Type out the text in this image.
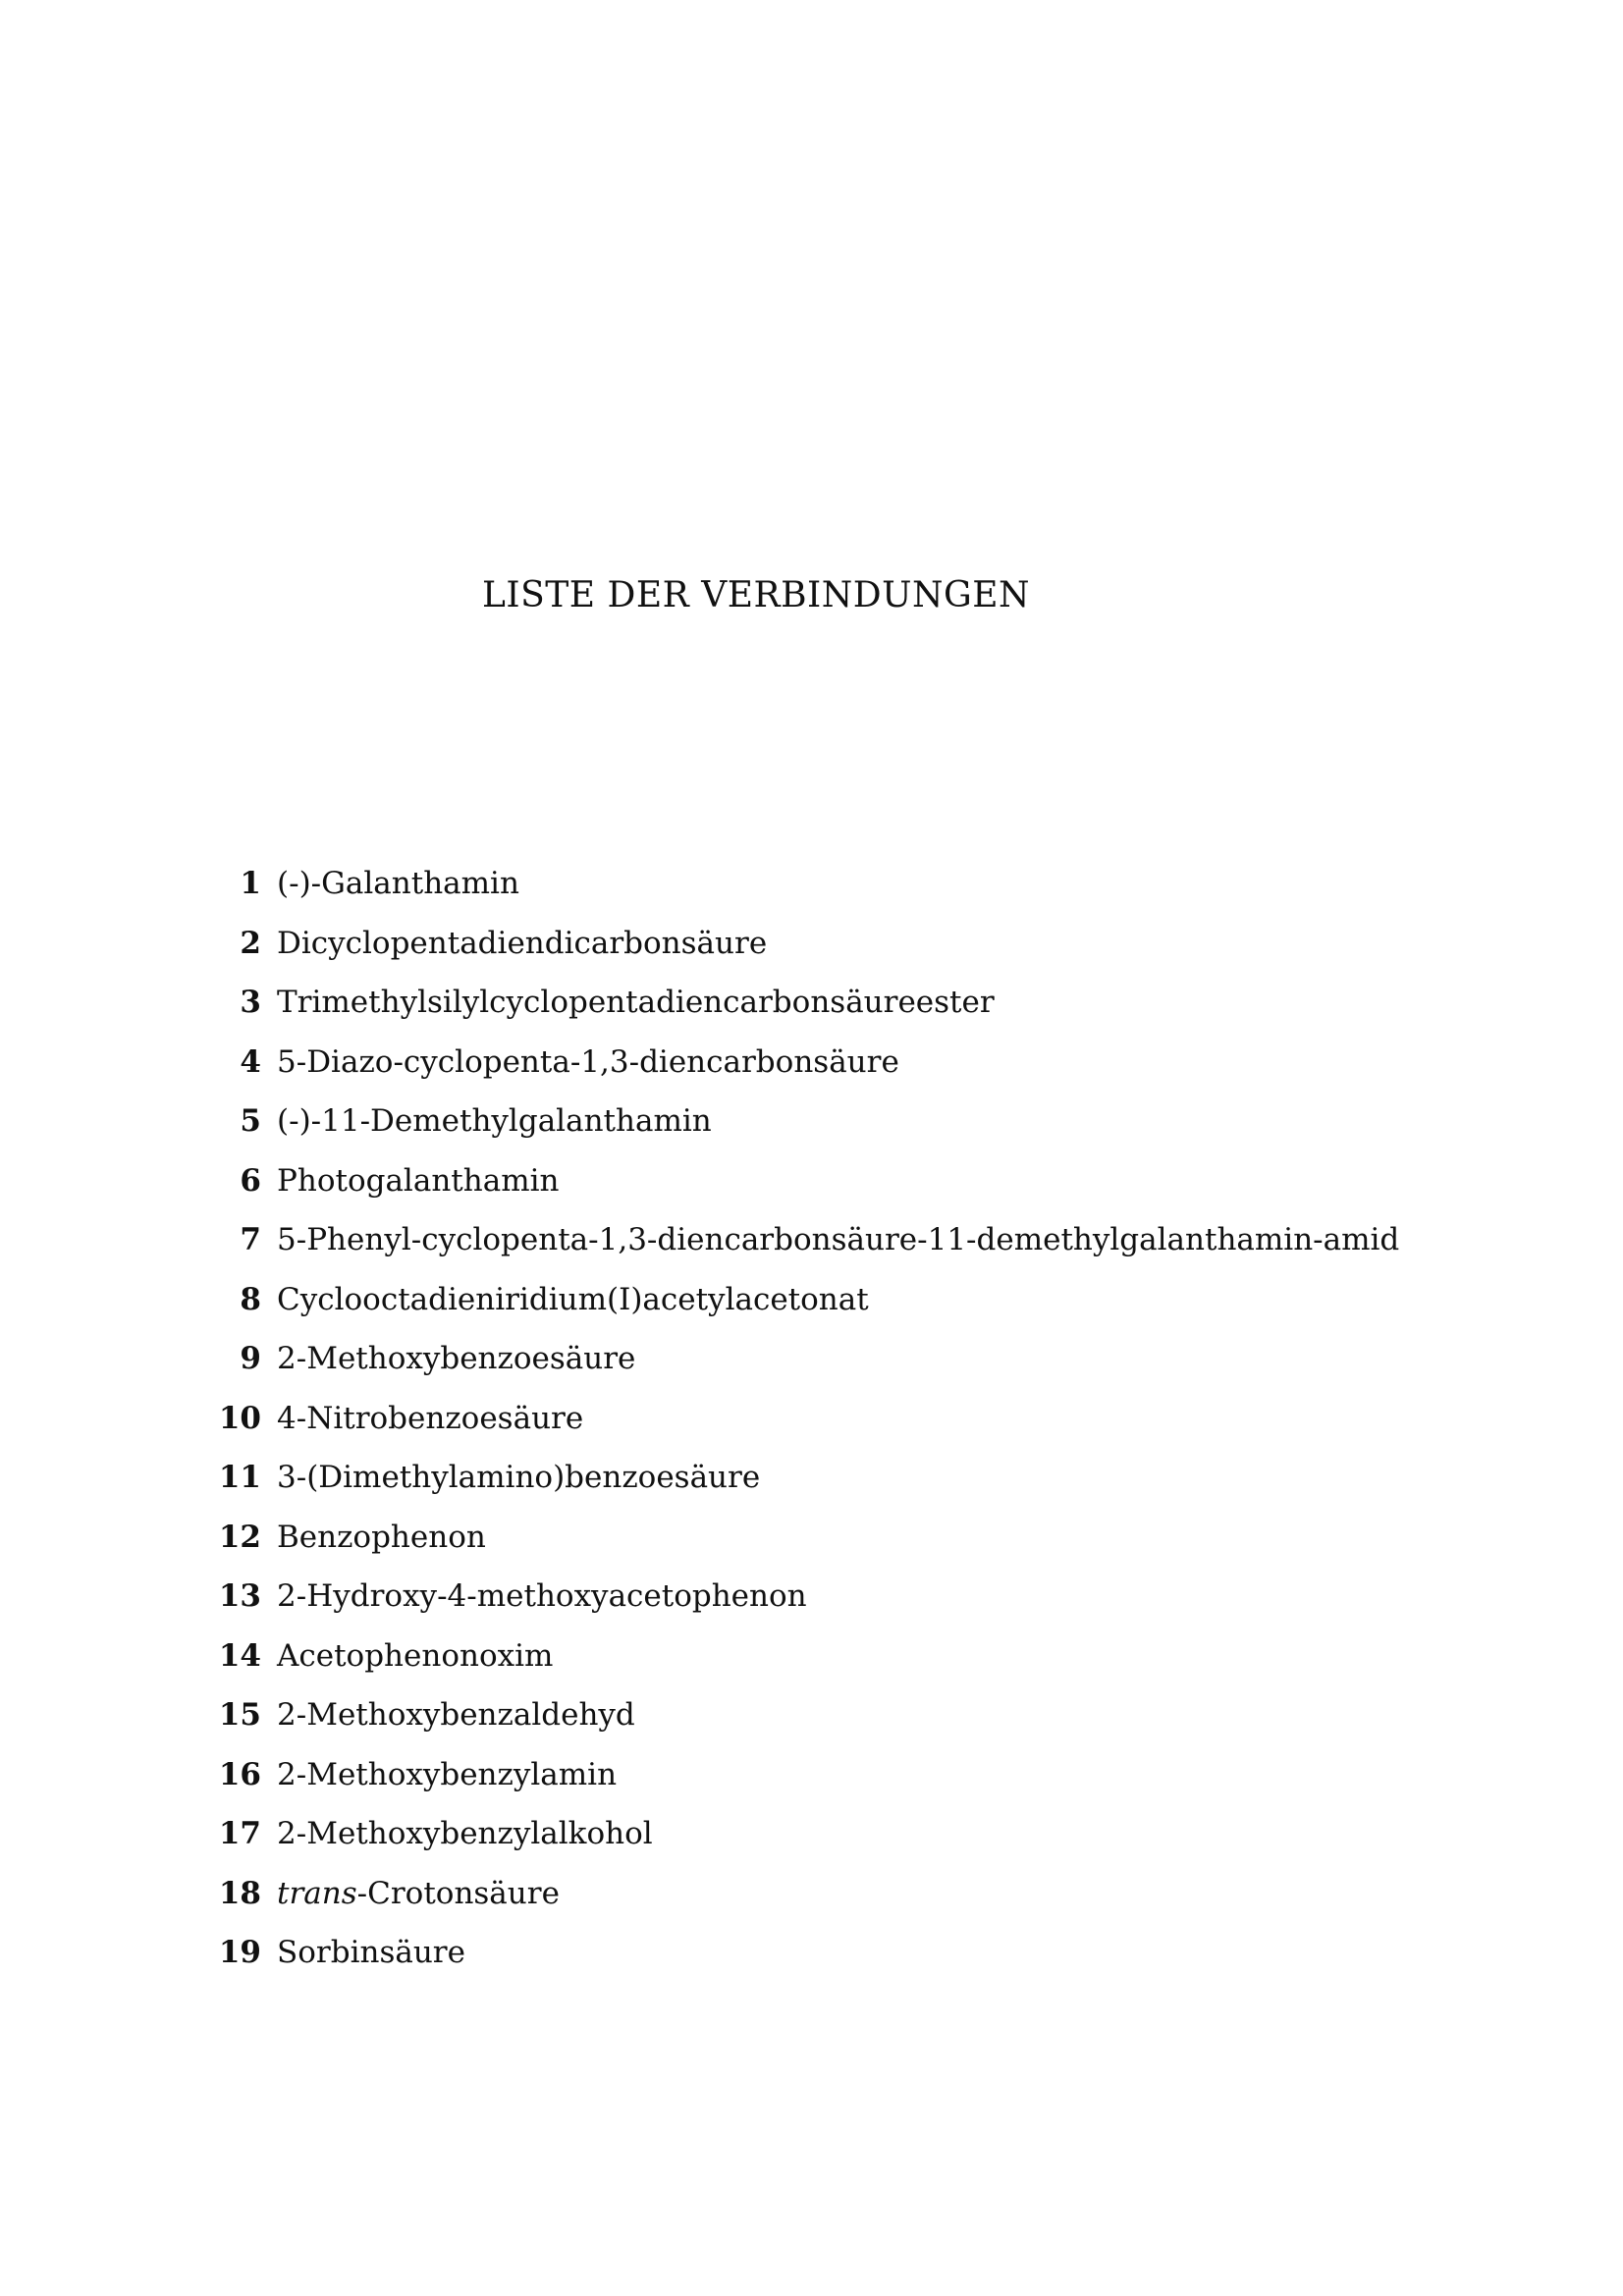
LISTE DER VERBINDUNGEN
1 (-)-Galanthamin
2 Dicyclopentadiendicarbonsäure
3 Trimethylsilylcyclopentadiencarbonsäureester
4 5-Diazo-cyclopenta-1,3-diencarbonsäure
5 (-)-11-Demethylgalanthamin
6 Photogalanthamin
7 5-Phenyl-cyclopenta-1,3-diencarbonsäure-11-demethylgalanthamin-amid
8 Cyclooctadieniridium(I)acetylacetonat
9 2-Methoxybenzoesäure
10 4-Nitrobenzoesäure
11 3-(Dimethylamino)benzoesäure
12 Benzophenon
13 2-Hydroxy-4-methoxyacetophenon
14 Acetophenonoxim
15 2-Methoxybenzaldehyd
16 2-Methoxybenzylamin
17 2-Methoxybenzylalkohol
18 trans-Crotonsäure
19 Sorbinsäure
